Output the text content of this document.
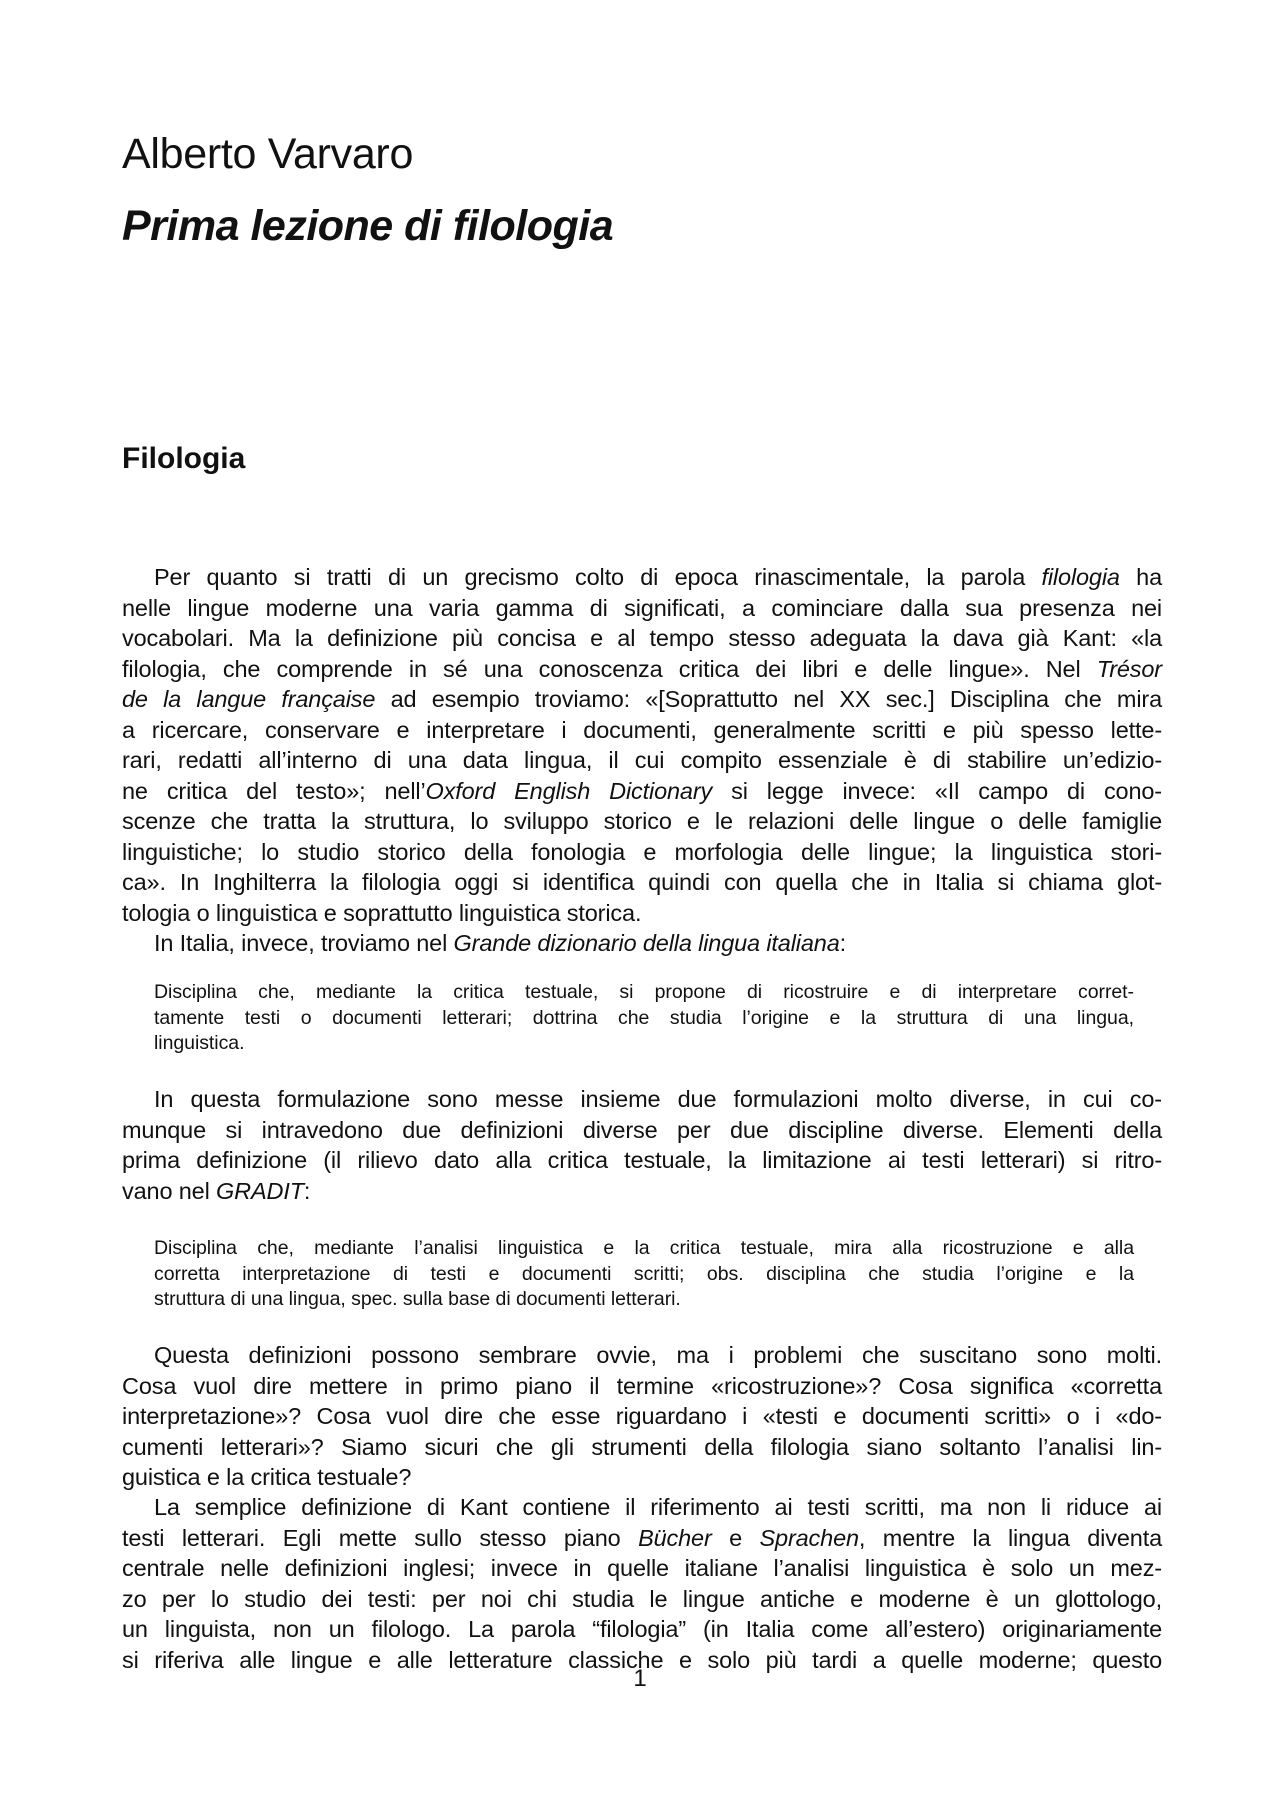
Alberto Varvaro
Prima lezione di filologia
Filologia
Per quanto si tratti di un grecismo colto di epoca rinascimentale, la parola filologia ha
nelle lingue moderne una varia gamma di significati, a cominciare dalla sua presenza nei
vocabolari. Ma la definizione più concisa e al tempo stesso adeguata la dava già Kant: «la
filologia, che comprende in sé una conoscenza critica dei libri e delle lingue». Nel Trésor
de la langue française ad esempio troviamo: «[Soprattutto nel XX sec.] Disciplina che mira
a ricercare, conservare e interpretare i documenti, generalmente scritti e più spesso lette-
rari, redatti all’interno di una data lingua, il cui compito essenziale è di stabilire un’edizio-
ne critica del testo»; nell’Oxford English Dictionary si legge invece: «Il campo di cono-
scenze che tratta la struttura, lo sviluppo storico e le relazioni delle lingue o delle famiglie
linguistiche; lo studio storico della fonologia e morfologia delle lingue; la linguistica stori-
ca». In Inghilterra la filologia oggi si identifica quindi con quella che in Italia si chiama glot-
tologia o linguistica e soprattutto linguistica storica.
In Italia, invece, troviamo nel Grande dizionario della lingua italiana:
Disciplina che, mediante la critica testuale, si propone di ricostruire e di interpretare corret-
tamente testi o documenti letterari; dottrina che studia l’origine e la struttura di una lingua,
linguistica.
In questa formulazione sono messe insieme due formulazioni molto diverse, in cui co-
munque si intravedono due definizioni diverse per due discipline diverse. Elementi della
prima definizione (il rilievo dato alla critica testuale, la limitazione ai testi letterari) si ritro-
vano nel GRADIT:
Disciplina che, mediante l’analisi linguistica e la critica testuale, mira alla ricostruzione e alla
corretta interpretazione di testi e documenti scritti; obs. disciplina che studia l’origine e la
struttura di una lingua, spec. sulla base di documenti letterari.
Questa definizioni possono sembrare ovvie, ma i problemi che suscitano sono molti.
Cosa vuol dire mettere in primo piano il termine «ricostruzione»? Cosa significa «corretta
interpretazione»? Cosa vuol dire che esse riguardano i «testi e documenti scritti» o i «do-
cumenti letterari»? Siamo sicuri che gli strumenti della filologia siano soltanto l’analisi lin-
guistica e la critica testuale?
La semplice definizione di Kant contiene il riferimento ai testi scritti, ma non li riduce ai
testi letterari. Egli mette sullo stesso piano Bücher e Sprachen, mentre la lingua diventa
centrale nelle definizioni inglesi; invece in quelle italiane l’analisi linguistica è solo un mez-
zo per lo studio dei testi: per noi chi studia le lingue antiche e moderne è un glottologo,
un linguista, non un filologo. La parola “filologia” (in Italia come all’estero) originariamente
si riferiva alle lingue e alle letterature classiche e solo più tardi a quelle moderne; questo
1
